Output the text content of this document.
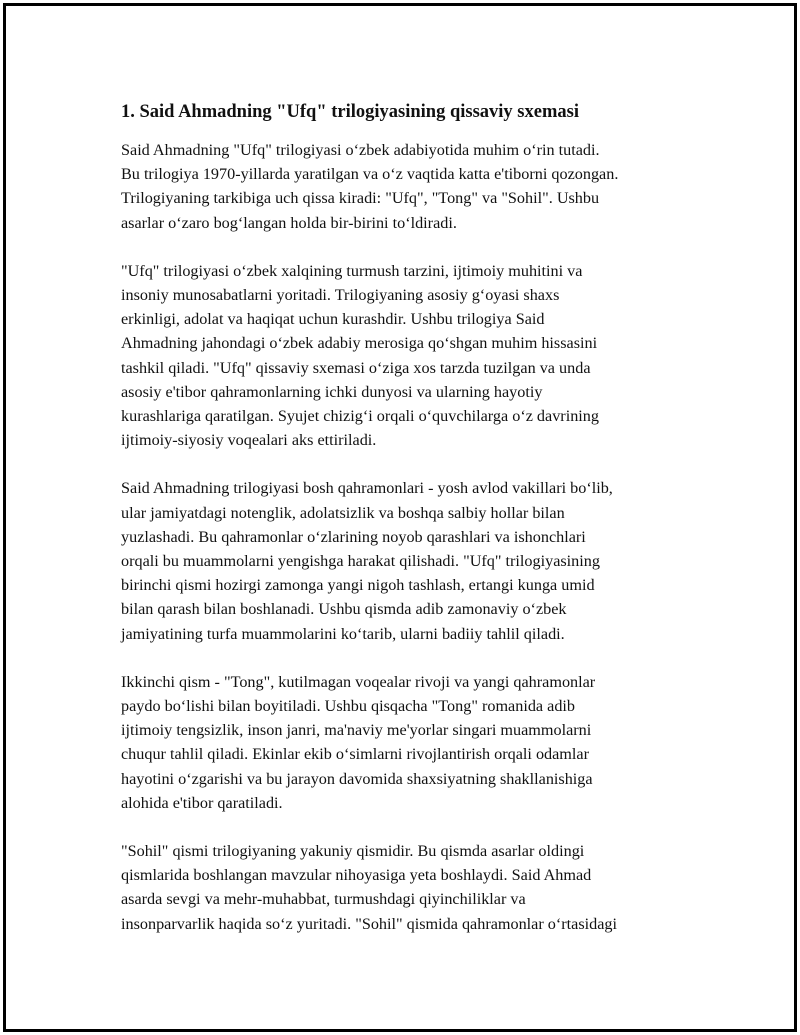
1. Said Ahmadning "Ufq" trilogiyasining qissaviy sxemasi

Said Ahmadning "Ufq" trilogiyasi o‘zbek adabiyotida muhim o‘rin tutadi.
Bu trilogiya 1970-yillarda yaratilgan va o‘z vaqtida katta e'tiborni qozongan.
Trilogiyaning tarkibiga uch qissa kiradi: "Ufq", "Tong" va "Sohil". Ushbu
asarlar o‘zaro bog‘langan holda bir-birini to‘ldiradi.

"Ufq" trilogiyasi o‘zbek xalqining turmush tarzini, ijtimoiy muhitini va
insoniy munosabatlarni yoritadi. Trilogiyaning asosiy g‘oyasi shaxs
erkinligi, adolat va haqiqat uchun kurashdir. Ushbu trilogiya Said
Ahmadning jahondagi o‘zbek adabiy merosiga qo‘shgan muhim hissasini
tashkil qiladi. "Ufq" qissaviy sxemasi o‘ziga xos tarzda tuzilgan va unda
asosiy e'tibor qahramonlarning ichki dunyosi va ularning hayotiy
kurashlariga qaratilgan. Syujet chizig‘i orqali o‘quvchilarga o‘z davrining
ijtimoiy-siyosiy voqealari aks ettiriladi.

Said Ahmadning trilogiyasi bosh qahramonlari - yosh avlod vakillari bo‘lib,
ular jamiyatdagi notenglik, adolatsizlik va boshqa salbiy hollar bilan
yuzlashadi. Bu qahramonlar o‘zlarining noyob qarashlari va ishonchlari
orqali bu muammolarni yengishga harakat qilishadi. "Ufq" trilogiyasining
birinchi qismi hozirgi zamonga yangi nigoh tashlash, ertangi kunga umid
bilan qarash bilan boshlanadi. Ushbu qismda adib zamonaviy o‘zbek
jamiyatining turfa muammolarini ko‘tarib, ularni badiiy tahlil qiladi.

Ikkinchi qism - "Tong", kutilmagan voqealar rivoji va yangi qahramonlar
paydo bo‘lishi bilan boyitiladi. Ushbu qisqacha "Tong" romanida adib
ijtimoiy tengsizlik, inson janri, ma'naviy me'yorlar singari muammolarni
chuqur tahlil qiladi. Ekinlar ekib o‘simlarni rivojlantirish orqali odamlar
hayotini o‘zgarishi va bu jarayon davomida shaxsiyatning shakllanishiga
alohida e'tibor qaratiladi.

"Sohil" qismi trilogiyaning yakuniy qismidir. Bu qismda asarlar oldingi
qismlarida boshlangan mavzular nihoyasiga yeta boshlaydi. Said Ahmad
asarda sevgi va mehr-muhabbat, turmushdagi qiyinchiliklar va
insonparvarlik haqida so‘z yuritadi. "Sohil" qismida qahramonlar o‘rtasidagi
